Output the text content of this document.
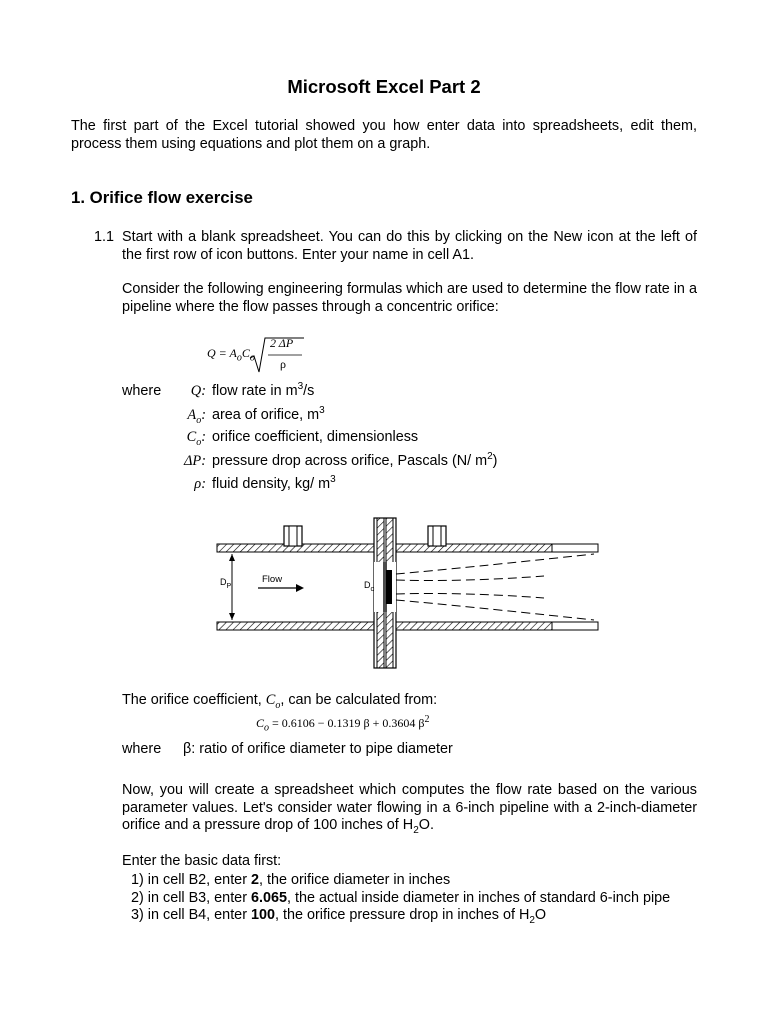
Microsoft Excel Part 2
The first part of the Excel tutorial showed you how enter data into spreadsheets, edit them, process them using equations and plot them on a graph.
1. Orifice flow exercise
1.1 Start with a blank spreadsheet. You can do this by clicking on the New icon at the left of the first row of icon buttons. Enter your name in cell A1.
Consider the following engineering formulas which are used to determine the flow rate in a pipeline where the flow passes through a concentric orifice:
$Q = A_oC_o$
2 ΔP
ρ
where	Q: flow rate in $m^3/s$
$A_o$: area of orifice, $m^3$
$C_o$: orifice coefficient, dimensionless
ΔP: pressure drop across orifice, Pascals (N/ $m^2$)
ρ: fluid density, kg/ $m^3$
$D_P$
Flow	$D_o$
The orifice coefficient, $C_o$, can be calculated from:
$C_o = 0.6106 - 0.1319$ β + 0.3604 $\beta^2$
where β: ratio of orifice diameter to pipe diameter
Now, you will create a spreadsheet which computes the flow rate based on the various parameter values. Let's consider water flowing in a 6-inch pipeline with a 2-inch-diameter orifice and a pressure drop of 100 inches of $H_2O$.
Enter the basic data first:
1) in cell B2, enter 2, the orifice diameter in inches
2) in cell B3, enter 6.065, the actual inside diameter in inches of standard 6-inch pipe
3) in cell B4, enter 100, the orifice pressure drop in inches of $H_2O$
